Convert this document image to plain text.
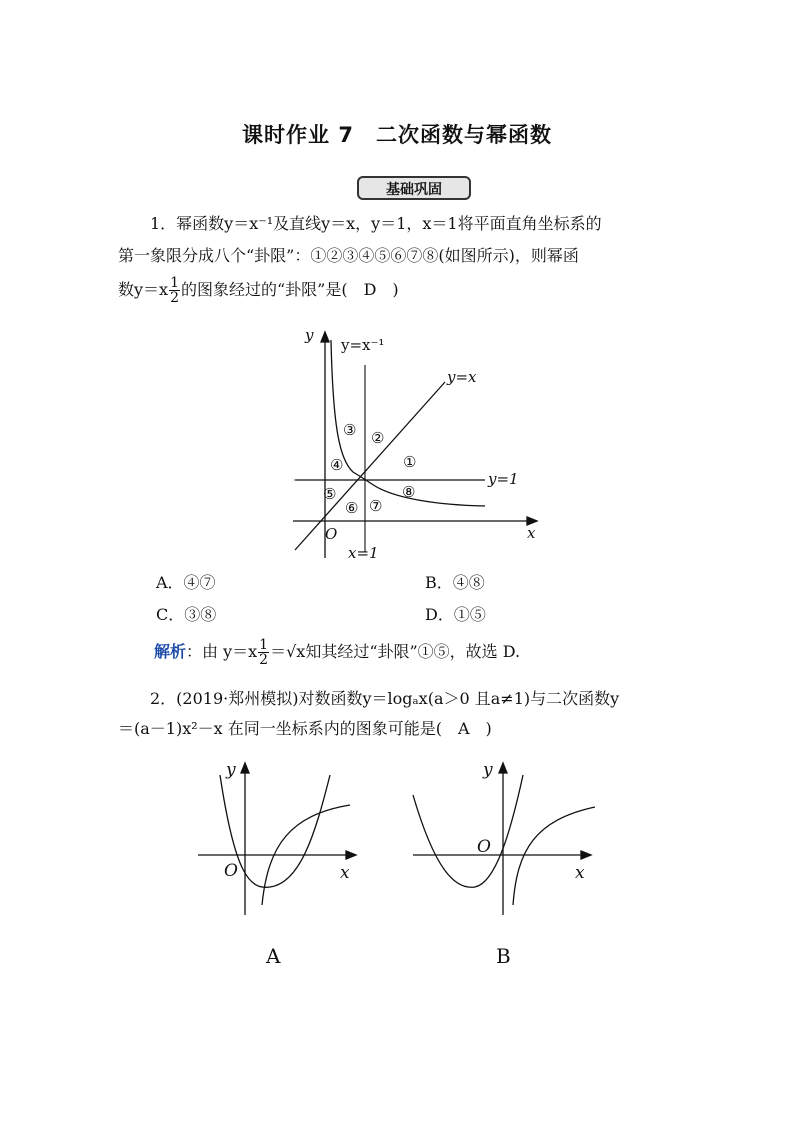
课时作业 7　二次函数与幂函数
基础巩固
1．幂函数y＝x⁻¹及直线y＝x，y＝1，x＝1将平面直角坐标系的
第一象限分成八个“卦限”：①②③④⑤⑥⑦⑧(如图所示)，则幂函
数$y=x \frac{1}{2}$ 的图象经过的“卦限”是(　D　)
y=x⁻¹
y=x
y=1
x=1
x
y
O
①
②
③
④
⑤
⑥ ⑦
⑧
A．④⑦	B．④⑧
C．③⑧	D．①⑤
解析：由 $y=x \frac{1}{2} =√x$知其经过“卦限”①⑤，故选 D.
2．(2019·郑州模拟)对数函数y＝logₐx(a＞0 且a≠1)与二次函数y
＝(a－1)x²－x 在同一坐标系内的图象可能是(　A　)
y
x
O
A
y
x
O
B
